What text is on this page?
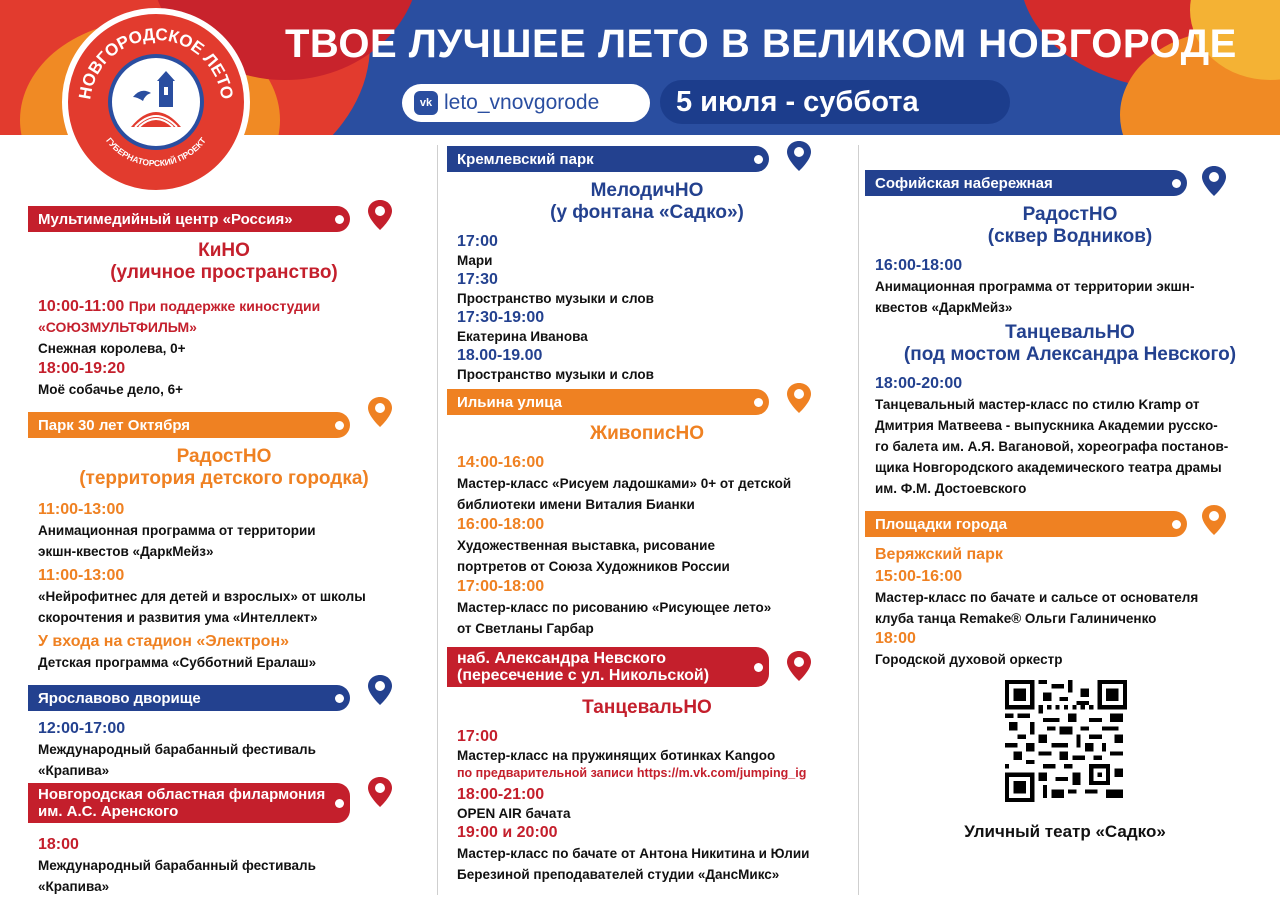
НОВГОРОДСКОЕ ЛЕТО
ГУБЕРНАТОРСКИЙ ПРОЕКТ
ТВОЕ ЛУЧШЕЕ ЛЕТО В ВЕЛИКОМ НОВГОРОДЕ
vk leto_vnovgorode	5 июля - суббота
Мультимедийный центр «Россия»
КиНО
(уличное пространство)
10:00-11:00 При поддержке киностудии «СОЮЗМУЛЬТФИЛЬМ»
Снежная королева, 0+
18:00-19:20
Моё собачье дело, 6+
Парк 30 лет Октября
РадостНО
(территория детского городка)
11:00-13:00
Анимационная программа от территории
экшн-квестов «ДаркМейз»
11:00-13:00
«Нейрофитнес для детей и взрослых» от школы
скорочтения и развития ума «Интеллект»
У входа на стадион «Электрон»
Детская программа «Субботний Ералаш»
Ярославово дворище
12:00-17:00
Международный барабанный фестиваль
«Крапива»
Новгородская областная филармония
им. А.С. Аренского
18:00
Международный барабанный фестиваль
«Крапива»
Кремлевский парк
МелодичНО
(у фонтана «Садко»)
17:00
Мари
17:30
Пространство музыки и слов
17:30-19:00
Екатерина Иванова
18.00-19.00
Пространство музыки и слов
Ильина улица
ЖивописНО
14:00-16:00
Мастер-класс «Рисуем ладошками» 0+ от детской
библиотеки имени Виталия Бианки
16:00-18:00
Художественная выставка, рисование
портретов от Союза Художников России
17:00-18:00
Мастер-класс по рисованию «Рисующее лето»
от Светланы Гарбар
наб. Александра Невского
(пересечение с ул. Никольской)
ТанцевальНО
17:00
Мастер-класс на пружинящих ботинках Kangoo
по предварительной записи https://m.vk.com/jumping_ig
18:00-21:00
OPEN AIR бачата
19:00 и 20:00
Мастер-класс по бачате от Антона Никитина и Юлии
Березиной преподавателей студии «ДансМикс»
Софийская набережная
РадостНО
(сквер Водников)
16:00-18:00
Анимационная программа от территории экшн-
квестов «ДаркМейз»
ТанцевальНО
(под мостом Александра Невского)
18:00-20:00
Танцевальный мастер-класс по стилю Kramp от
Дмитрия Матвеева - выпускника Академии русско-
го балета им. А.Я. Вагановой, хореографа постанов-
щика Новгородского академического театра драмы
им. Ф.М. Достоевского
Площадки города
Веряжский парк
15:00-16:00
Мастер-класс по бачате и сальсе от основателя
клуба танца Remake® Ольги Галиниченко
18:00
Городской духовой оркестр
Уличный театр «Садко»
